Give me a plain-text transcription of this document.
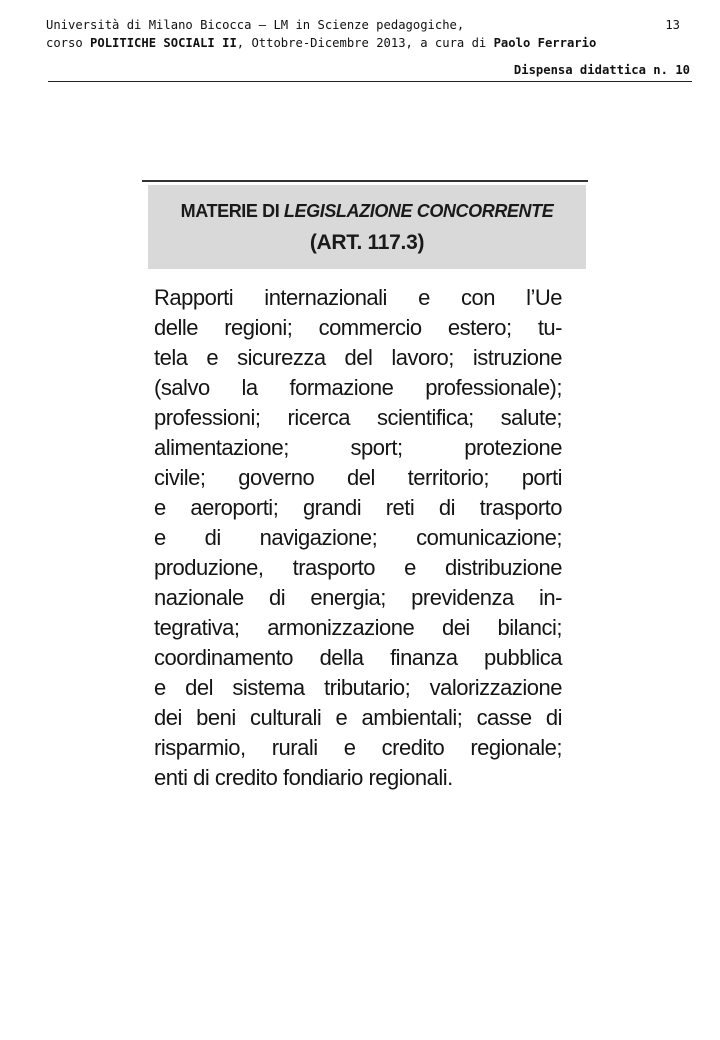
Università di Milano Bicocca – LM in Scienze pedagogiche,
corso POLITICHE SOCIALI II, Ottobre-Dicembre 2013, a cura di Paolo Ferrario
13
Dispensa didattica n. 10
MATERIE DI LEGISLAZIONE CONCORRENTE
(ART. 117.3)
Rapporti internazionali e con l’Ue
delle regioni; commercio estero; tu-
tela e sicurezza del lavoro; istruzione
(salvo la formazione professionale);
professioni; ricerca scientifica; salute;
alimentazione; sport; protezione
civile; governo del territorio; porti
e aeroporti; grandi reti di trasporto
e di navigazione; comunicazione;
produzione, trasporto e distribuzione
nazionale di energia; previdenza in-
tegrativa; armonizzazione dei bilanci;
coordinamento della finanza pubblica
e del sistema tributario; valorizzazione
dei beni culturali e ambientali; casse di
risparmio, rurali e credito regionale;
enti di credito fondiario regionali.
